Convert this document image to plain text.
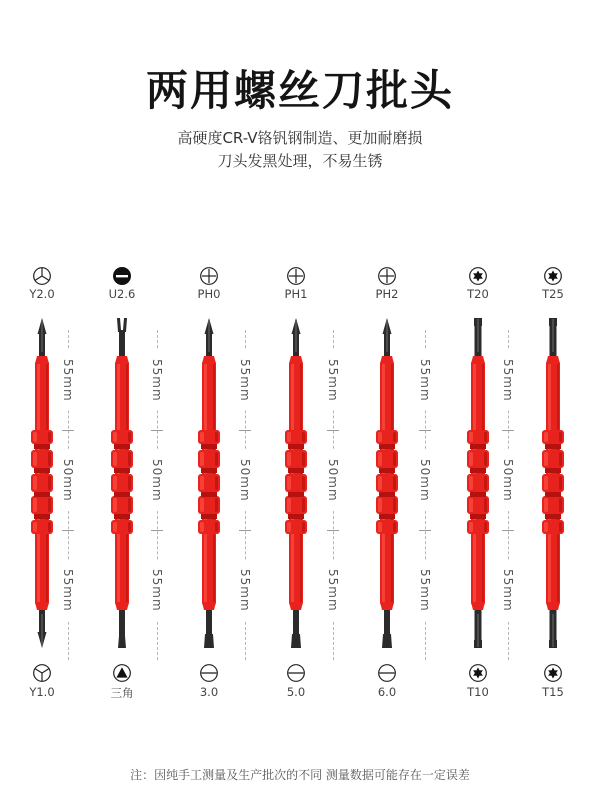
两用螺丝刀批头
高硬度CR-V铬钒钢制造、更加耐磨损
刀头发黑处理，不易生锈
Y2.0
Y1.0
U2.6
三角
PH0
3.0
PH1
5.0
PH2
6.0
T20
T10
T25
T15
55mm
50mm
55mm
55mm
50mm
55mm
55mm
50mm
55mm
55mm
50mm
55mm
55mm
50mm
55mm
55mm
50mm
55mm
注：因纯手工测量及生产批次的不同 测量数据可能存在一定误差
